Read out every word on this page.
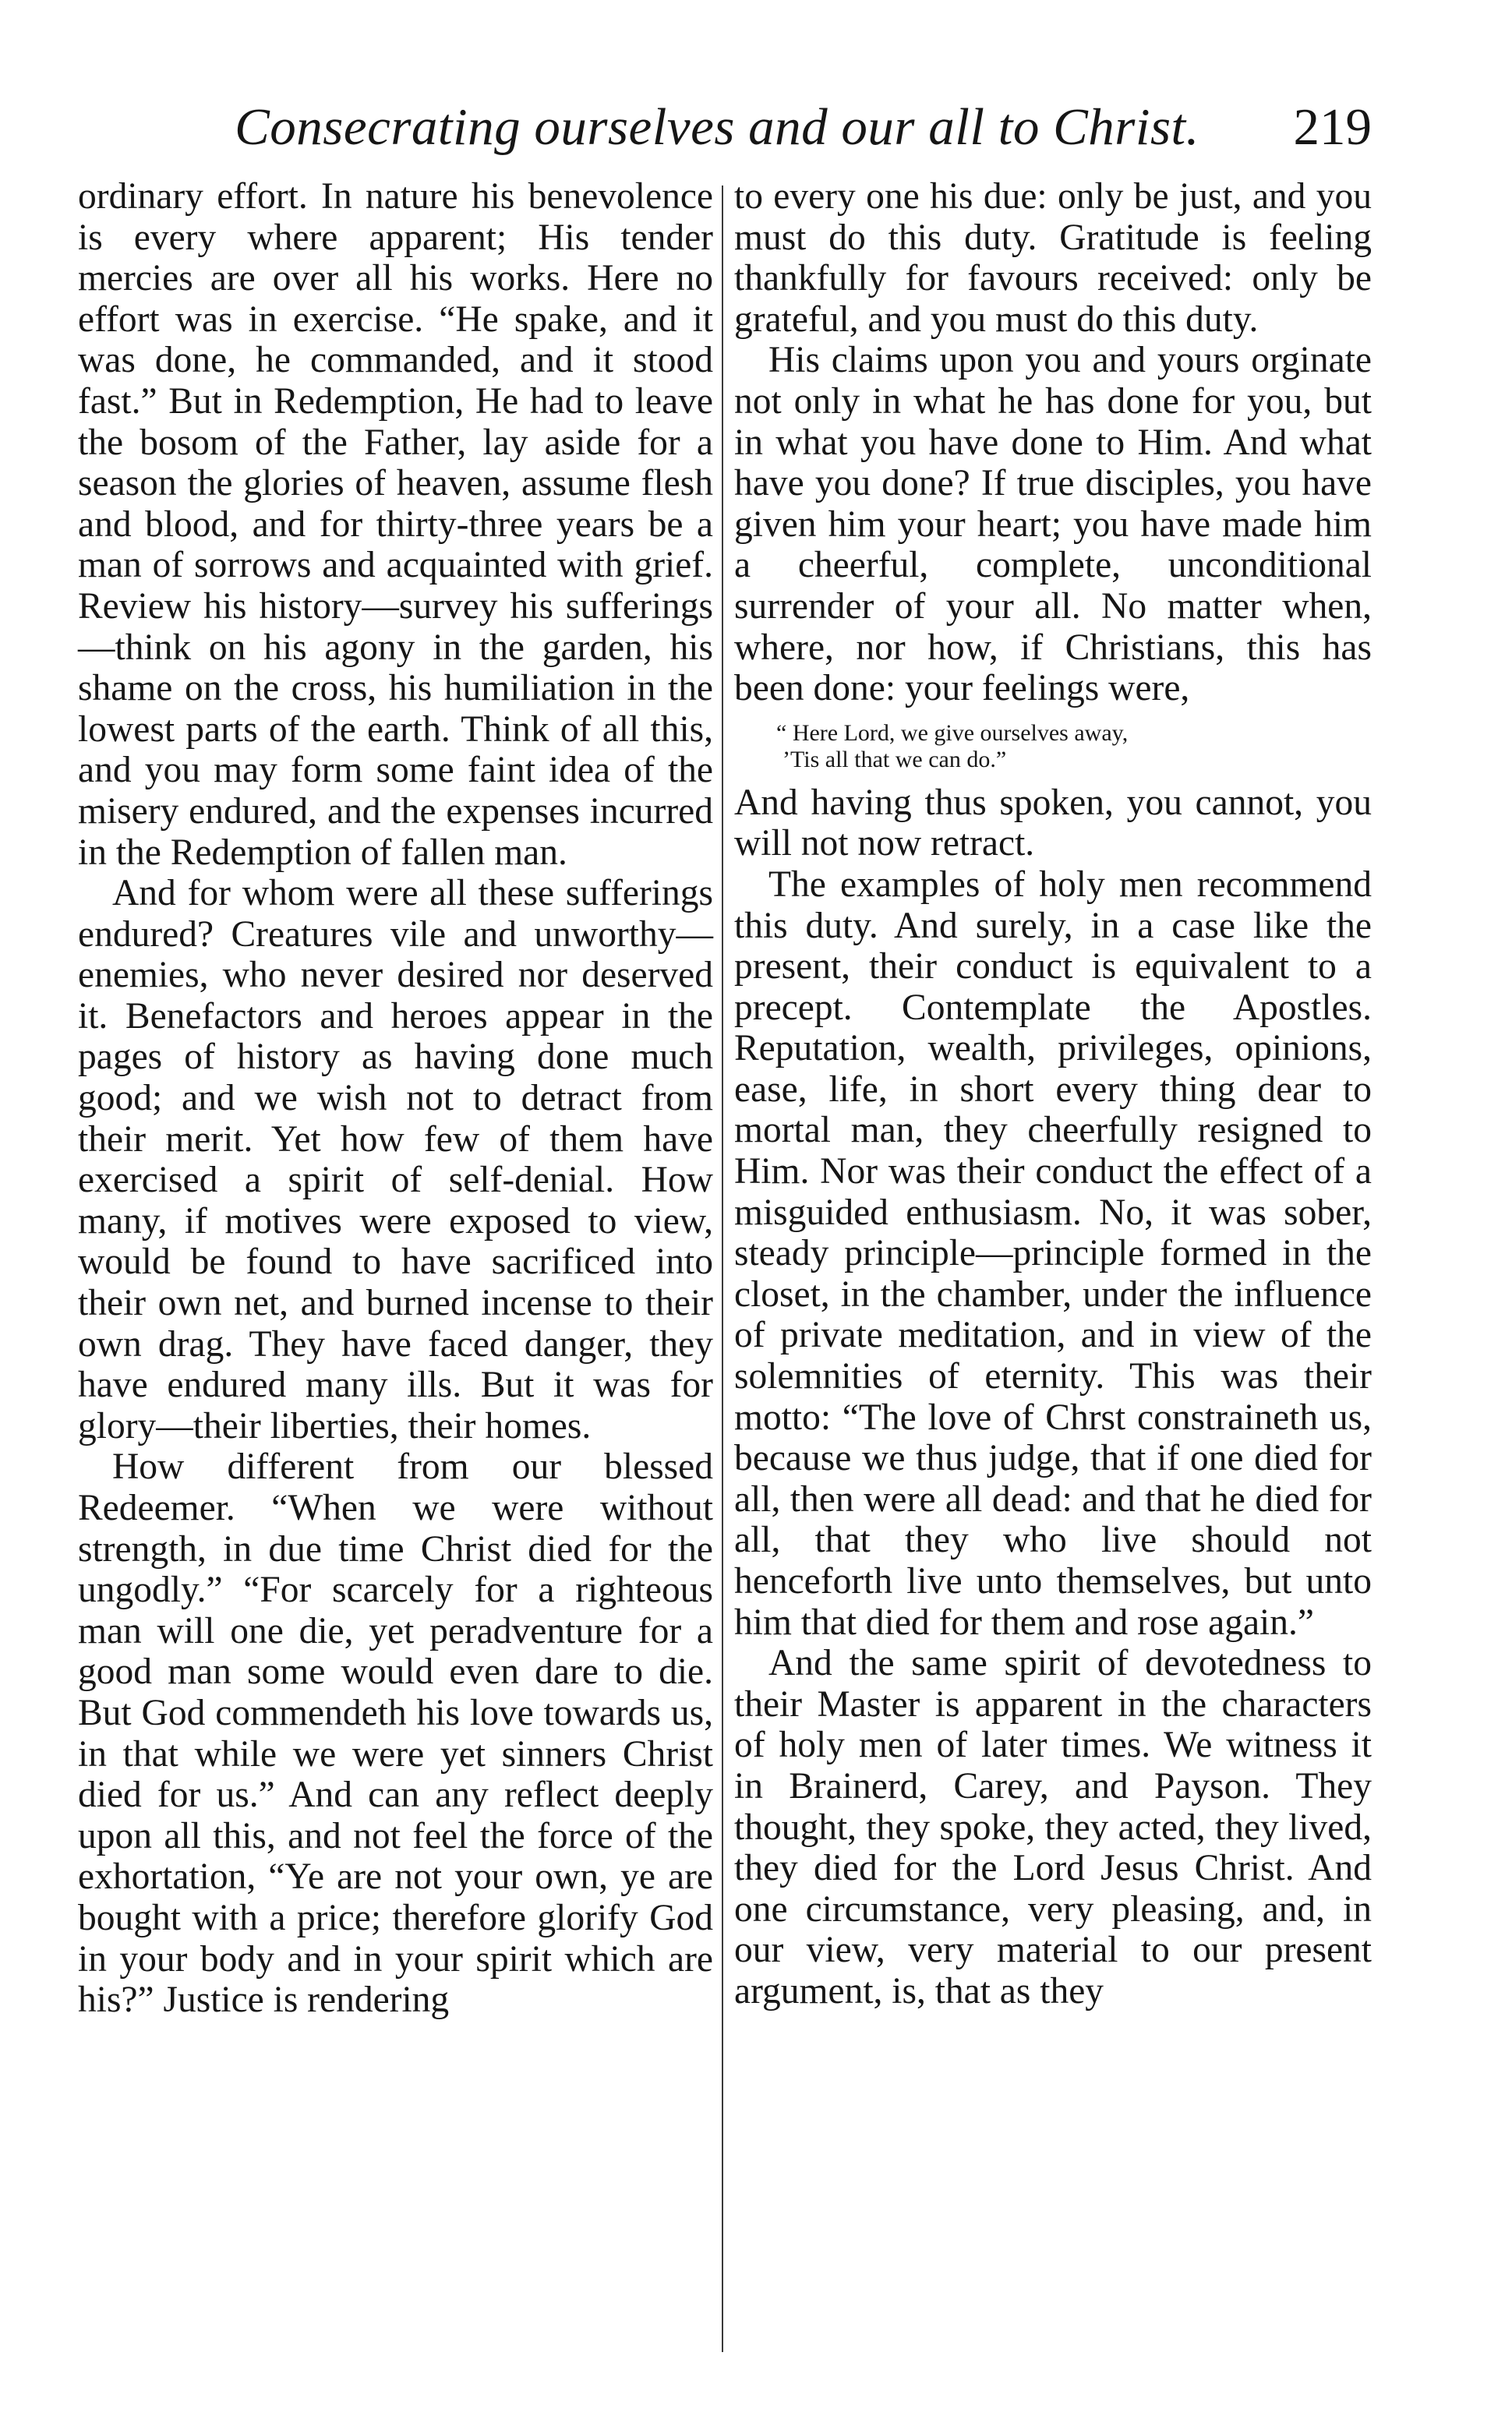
Consecrating ourselves and our all to Christ.	219

ordinary effort. In nature his benevolence is every where apparent; His tender mercies are over all his works. Here no effort was in exercise. “He spake, and it was done, he commanded, and it stood fast.” But in Redemption, He had to leave the bosom of the Father, lay aside for a season the glories of heaven, assume flesh and blood, and for thirty-three years be a man of sorrows and acquainted with grief. Review his history—survey his sufferings—think on his agony in the garden, his shame on the cross, his humiliation in the lowest parts of the earth. Think of all this, and you may form some faint idea of the misery endured, and the expenses incurred in the Redemption of fallen man.

And for whom were all these sufferings endured? Creatures vile and unworthy—enemies, who never desired nor deserved it. Benefactors and heroes appear in the pages of history as having done much good; and we wish not to detract from their merit. Yet how few of them have exercised a spirit of self-denial. How many, if motives were exposed to view, would be found to have sacrificed into their own net, and burned incense to their own drag. They have faced danger, they have endured many ills. But it was for glory—their liberties, their homes.

How different from our blessed Redeemer. “When we were without strength, in due time Christ died for the ungodly.” “For scarcely for a righteous man will one die, yet peradventure for a good man some would even dare to die. But God commendeth his love towards us, in that while we were yet sinners Christ died for us.” And can any reflect deeply upon all this, and not feel the force of the exhortation, “Ye are not your own, ye are bought with a price; therefore glorify God in your body and in your spirit which are his?” Justice is rendering

to every one his due: only be just, and you must do this duty. Gratitude is feeling thankfully for favours received: only be grateful, and you must do this duty.

His claims upon you and yours orginate not only in what he has done for you, but in what you have done to Him. And what have you done? If true disciples, you have given him your heart; you have made him a cheerful, complete, unconditional surrender of your all. No matter when, where, nor how, if Christians, this has been done: your feelings were,

“ Here Lord, we give ourselves away,
’Tis all that we can do.”

And having thus spoken, you cannot, you will not now retract.

The examples of holy men recommend this duty. And surely, in a case like the present, their conduct is equivalent to a precept. Contemplate the Apostles. Reputation, wealth, privileges, opinions, ease, life, in short every thing dear to mortal man, they cheerfully resigned to Him. Nor was their conduct the effect of a misguided enthusiasm. No, it was sober, steady principle—principle formed in the closet, in the chamber, under the influence of private meditation, and in view of the solemnities of eternity. This was their motto: “The love of Chrst constraineth us, because we thus judge, that if one died for all, then were all dead: and that he died for all, that they who live should not henceforth live unto themselves, but unto him that died for them and rose again.”

And the same spirit of devotedness to their Master is apparent in the characters of holy men of later times. We witness it in Brainerd, Carey, and Payson. They thought, they spoke, they acted, they lived, they died for the Lord Jesus Christ. And one circumstance, very pleasing, and, in our view, very material to our present argument, is, that as they
